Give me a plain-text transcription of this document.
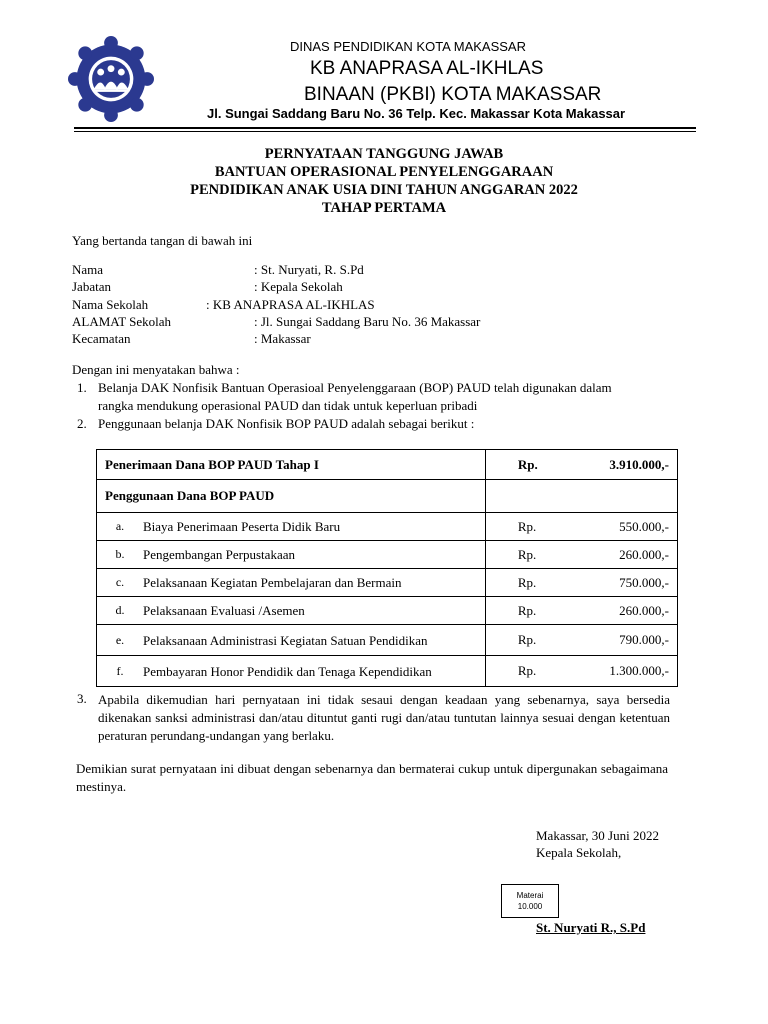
DINAS PENDIDIKAN KOTA MAKASSAR
KB ANAPRASA AL-IKHLAS
BINAAN (PKBI) KOTA MAKASSAR
Jl. Sungai Saddang Baru No. 36 Telp. Kec. Makassar Kota Makassar
PERNYATAAN TANGGUNG JAWAB
BANTUAN OPERASIONAL PENYELENGGARAAN
PENDIDIKAN ANAK USIA DINI TAHUN ANGGARAN 2022
TAHAP PERTAMA
Yang bertanda tangan di bawah ini
Nama	: St. Nuryati, R. S.Pd
Jabatan	: Kepala Sekolah
Nama Sekolah	: KB ANAPRASA AL-IKHLAS
ALAMAT Sekolah	: Jl. Sungai Saddang Baru No. 36 Makassar
Kecamatan	: Makassar
Dengan ini menyatakan bahwa :
1. Belanja DAK Nonfisik Bantuan Operasioal Penyelenggaraan (BOP) PAUD telah digunakan dalam
rangka mendukung operasional PAUD dan tidak untuk keperluan pribadi
2. Penggunaan belanja DAK Nonfisik BOP PAUD adalah sebagai berikut :
Penerimaan Dana BOP PAUD Tahap I	Rp. 3.910.000,-

Penggunaan Dana BOP PAUD	

a. Biaya Penerimaan Peserta Didik Baru	Rp. 550.000,-

b. Pengembangan Perpustakaan	Rp. 260.000,-

c. Pelaksanaan Kegiatan Pembelajaran dan Bermain	Rp. 750.000,-

d. Pelaksanaan Evaluasi /Asemen	Rp. 260.000,-

e. Pelaksanaan Administrasi Kegiatan Satuan Pendidikan	Rp. 790.000,-

f. Pembayaran Honor Pendidik dan Tenaga Kependidikan	Rp. 1.300.000,-
3. Apabila dikemudian hari pernyataan ini tidak sesaui dengan keadaan yang sebenarnya, saya bersedia dikenakan sanksi administrasi dan/atau dituntut ganti rugi dan/atau tuntutan lainnya sesuai dengan ketentuan peraturan perundang-undangan yang berlaku.
Demikian surat pernyataan ini dibuat dengan sebenarnya dan bermaterai cukup untuk dipergunakan sebagaimana mestinya.
Makassar, 30 Juni 2022
Kepala Sekolah,
Materai
10.000
St. Nuryati R., S.Pd
